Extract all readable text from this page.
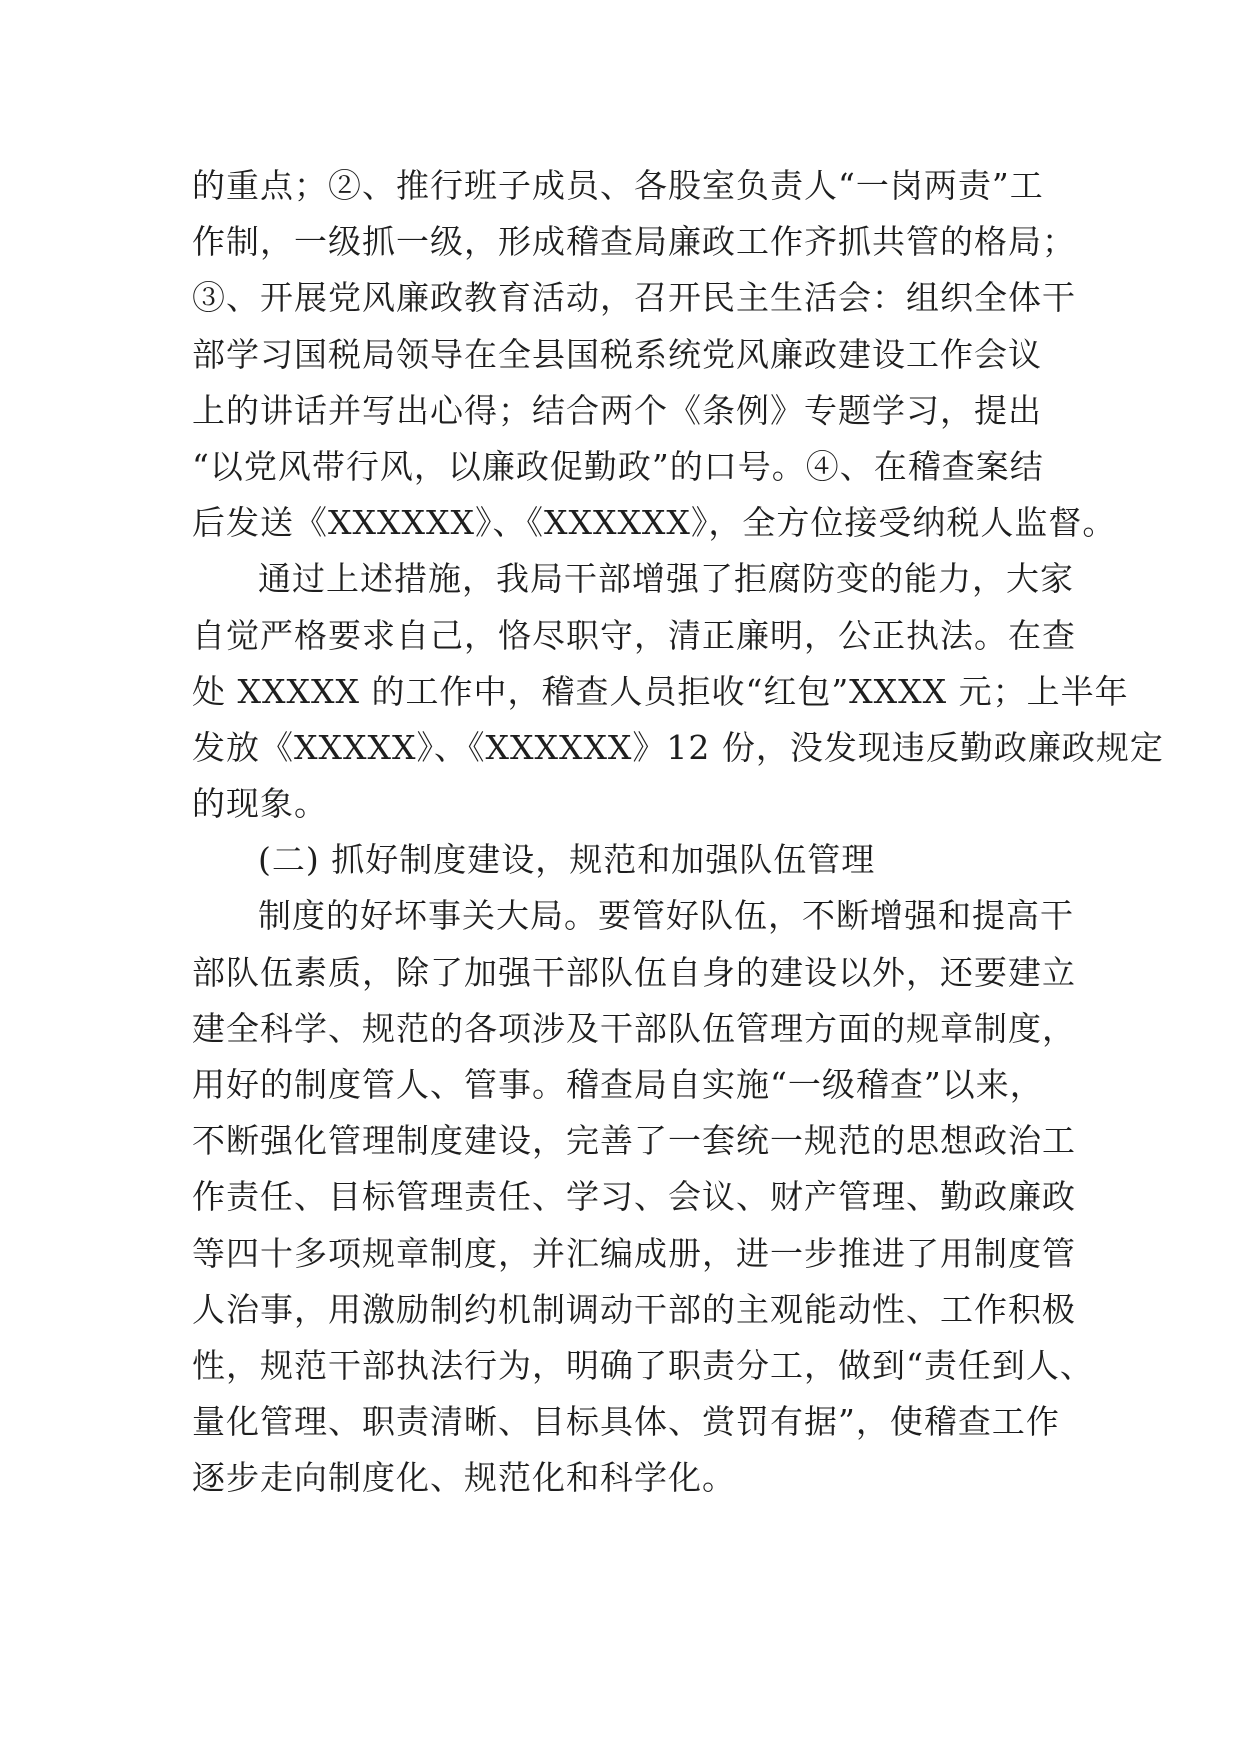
的重点；②、推行班子成员、各股室负责人“一岗两责”工
作制，一级抓一级，形成稽查局廉政工作齐抓共管的格局；
③、开展党风廉政教育活动，召开民主生活会：组织全体干
部学习国税局领导在全县国税系统党风廉政建设工作会议
上的讲话并写出心得；结合两个《条例》专题学习，提出
“以党风带行风，以廉政促勤政”的口号。④、在稽查案结
后发送《XXXXXX》、《XXXXXX》，全方位接受纳税人监督。
通过上述措施，我局干部增强了拒腐防变的能力，大家
自觉严格要求自己，恪尽职守，清正廉明，公正执法。在查
处 XXXXX 的工作中，稽查人员拒收“红包”XXXX 元；上半年
发放《XXXXX》、《XXXXXX》12 份，没发现违反勤政廉政规定
的现象。
(二) 抓好制度建设，规范和加强队伍管理
制度的好坏事关大局。要管好队伍，不断增强和提高干
部队伍素质，除了加强干部队伍自身的建设以外，还要建立
建全科学、规范的各项涉及干部队伍管理方面的规章制度，
用好的制度管人、管事。稽查局自实施“一级稽查”以来，
不断强化管理制度建设，完善了一套统一规范的思想政治工
作责任、目标管理责任、学习、会议、财产管理、勤政廉政
等四十多项规章制度，并汇编成册，进一步推进了用制度管
人治事，用激励制约机制调动干部的主观能动性、工作积极
性，规范干部执法行为，明确了职责分工，做到“责任到人、
量化管理、职责清晰、目标具体、赏罚有据”，使稽查工作
逐步走向制度化、规范化和科学化。
